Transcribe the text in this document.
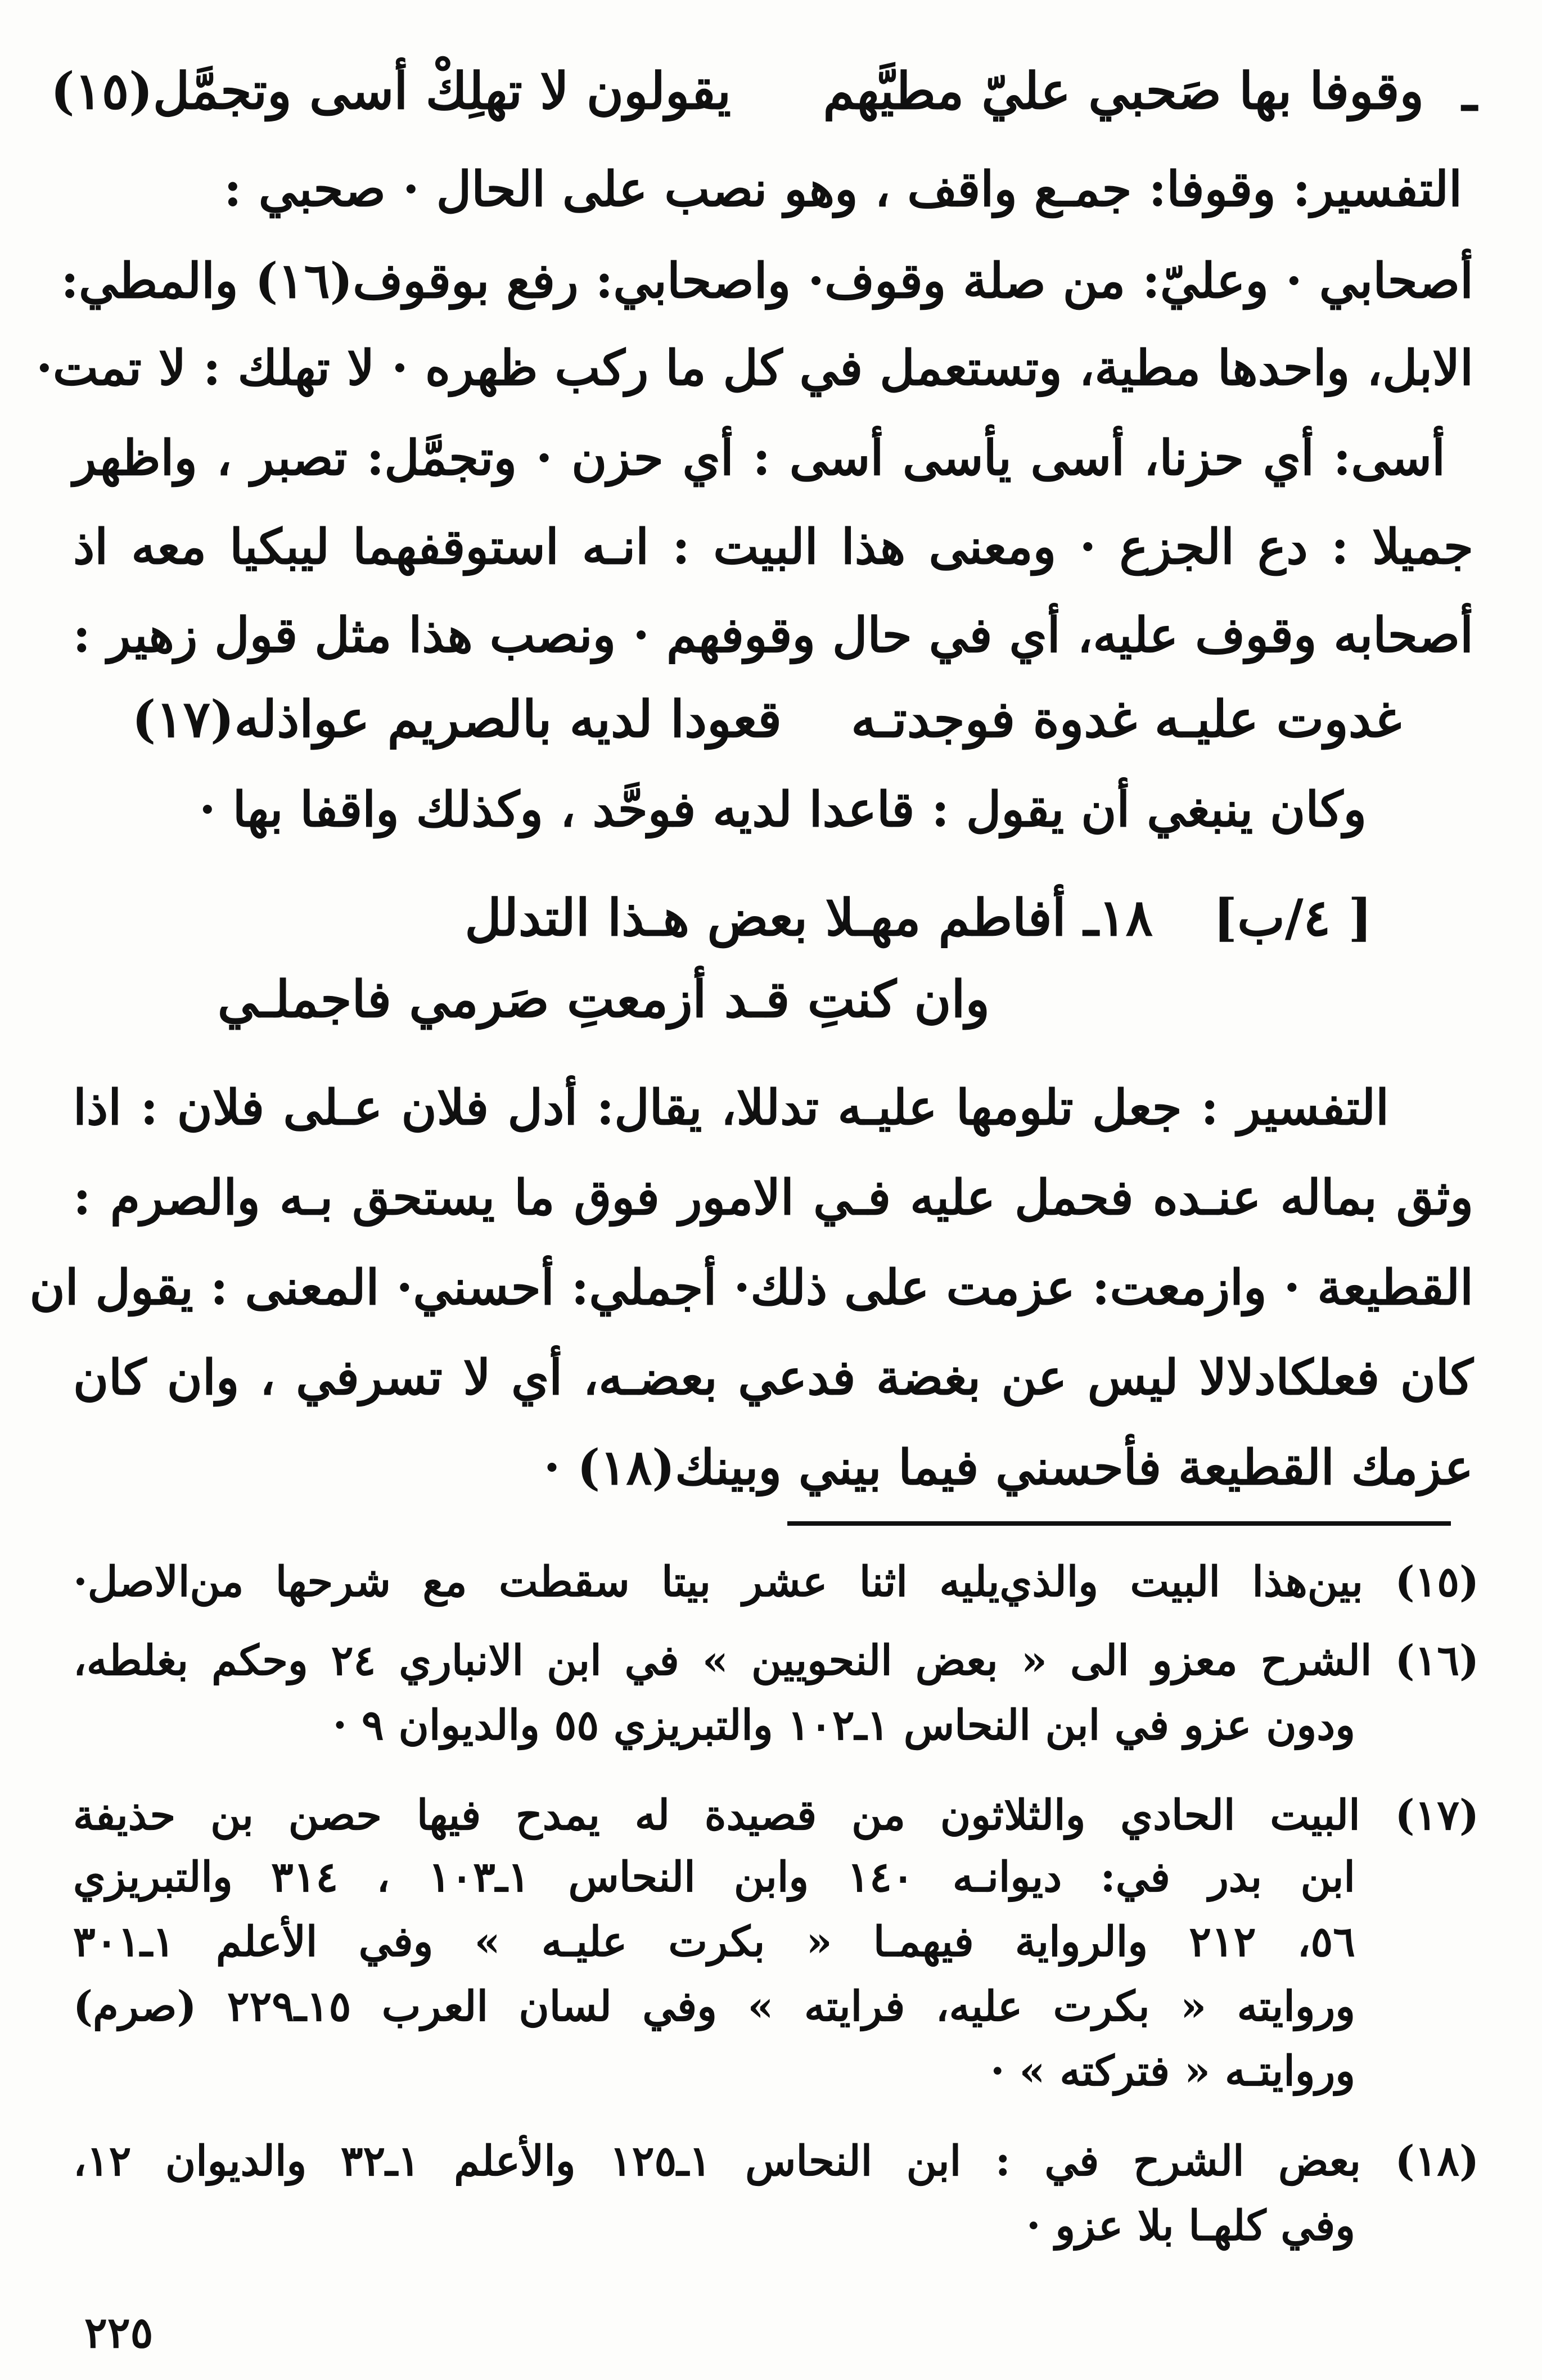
ـ
وقوفا بها صَحبي عليّ مطيَّهم
يقولون لا تهلِكْ أسى وتجمَّل(١٥)
التفسير: وقوفا: جمـع واقف ، وهو نصب على الحال · صحبي :
أصحابي · وعليّ: من صلة وقوف· واصحابي: رفع بوقوف(١٦) والمطي:
الابل، واحدها مطية، وتستعمل في كل ما ركب ظهره · لا تهلك : لا تمت·
أسى: أي حزنا، أسى يأسى أسى : أي حزن · وتجمَّل: تصبر ، واظهر
جميلا : دع الجزع · ومعنى هذا البيت : انـه استوقفهما ليبكيا معه اذ
أصحابه وقوف عليه، أي في حال وقوفهم · ونصب هذا مثل قول زهير :
غدوت عليـه غدوة فوجدتـه
قعودا لديه بالصريم عواذله(١٧)
وكان ينبغي أن يقول : قاعدا لديه فوحَّد ، وكذلك واقفا بها ·
[ ٤/ب]
١٨ـ أفاطم مهـلا بعض هـذا التدلل
وان كنتِ قـد أزمعتِ صَرمي فاجملـي
التفسير : جعل تلومها عليـه تدللا، يقال: أدل فلان عـلى فلان : اذا
وثق بماله عنـده فحمل عليه فـي الامور فوق ما يستحق بـه والصرم :
القطيعة · وازمعت: عزمت على ذلك· أجملي: أحسني· المعنى : يقول ان
كان فعلكادلالا ليس عن بغضة فدعي بعضـه، أي لا تسرفي ، وان كان
عزمك القطيعة فأحسني فيما بيني وبينك(١٨) ·
(١٥) بين‌هذا البيت والذي‌يليه اثنا عشر بيتا سقطت مع شرحها من‌الاصل·
(١٦) الشرح معزو الى « بعض النحويين » في ابن الانباري ٢٤ وحكم بغلطه،
ودون عزو في ابن النحاس ١ـ١٠٢ والتبريزي ٥٥ والديوان ٩ ·
(١٧) البيت الحادي والثلاثون من قصيدة له يمدح فيها حصن بن حذيفة
ابن بدر في: ديوانـه ١٤٠ وابن النحاس ١ـ١٠٣ ، ٣١٤ والتبريزي
٥٦، ٢١٢ والرواية فيهمـا « بكرت عليـه » وفي الأعلم ١ـ٣٠١
وروايته « بكرت عليه، فرايته » وفي لسان العرب ١٥ـ٢٢٩ (صرم)
وروايتـه « فتركته » ·
(١٨) بعض الشرح في : ابن النحاس ١ـ١٢٥ والأعلم ١ـ٣٢ والديوان ١٢،
وفي كلهـا بلا عزو ·
٢٢٥
